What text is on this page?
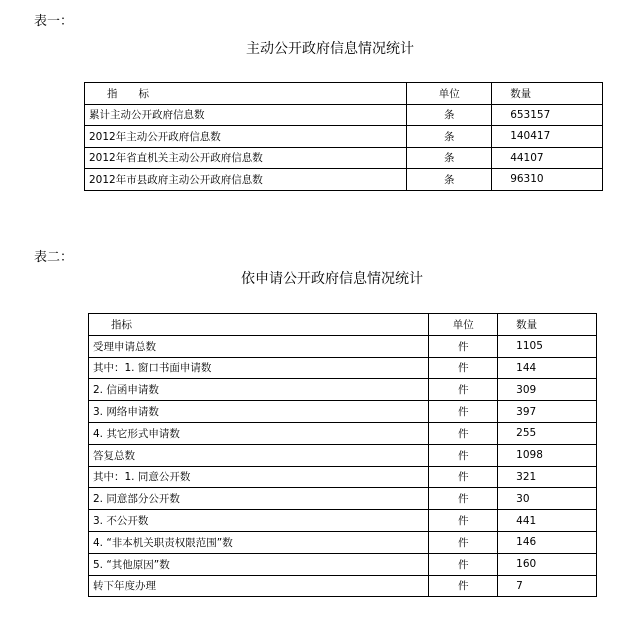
表一：
主动公开政府信息情况统计
指　　标	单位	数量
累计主动公开政府信息数	条	653157
2012年主动公开政府信息数	条	140417
2012年省直机关主动公开政府信息数	条	44107
2012年市县政府主动公开政府信息数	条	96310
表二：
依申请公开政府信息情况统计
指标	单位	数量
受理申请总数	件	1105
其中：1. 窗口书面申请数	件	144
2. 信函申请数	件	309
3. 网络申请数	件	397
4. 其它形式申请数	件	255
答复总数	件	1098
其中：1. 同意公开数	件	321
2. 同意部分公开数	件	30
3. 不公开数	件	441
4. “非本机关职责权限范围”数	件	146
5. “其他原因”数	件	160
转下年度办理	件	7
